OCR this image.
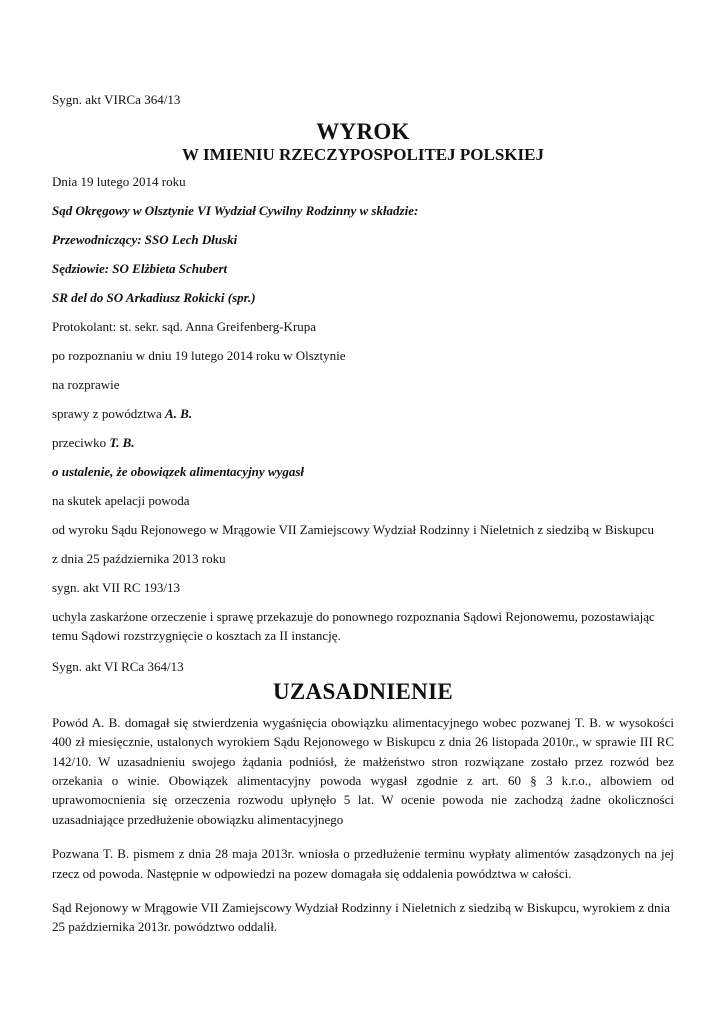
Sygn. akt VIRCa 364/13

WYROK
W IMIENIU RZECZYPOSPOLITEJ POLSKIEJ

Dnia 19 lutego 2014 roku

Sąd Okręgowy w Olsztynie VI Wydział Cywilny Rodzinny w składzie:

Przewodniczący: SSO Lech Dłuski

Sędziowie: SO Elżbieta Schubert

SR del do SO Arkadiusz Rokicki (spr.)

Protokolant: st. sekr. sąd. Anna Greifenberg-Krupa

po rozpoznaniu w dniu 19 lutego 2014 roku w Olsztynie

na rozprawie

sprawy z powództwa A. B.

przeciwko T. B.

o ustalenie, że obowiązek alimentacyjny wygasł

na skutek apelacji powoda

od wyroku Sądu Rejonowego w Mrągowie VII Zamiejscowy Wydział Rodzinny i Nieletnich z siedzibą w Biskupcu

z dnia 25 października 2013 roku

sygn. akt VII RC 193/13

uchyla zaskarżone orzeczenie i sprawę przekazuje do ponownego rozpoznania Sądowi Rejonowemu, pozostawiając temu Sądowi rozstrzygnięcie o kosztach za II instancję.

Sygn. akt VI RCa 364/13

UZASADNIENIE

Powód A. B. domagał się stwierdzenia wygaśnięcia obowiązku alimentacyjnego wobec pozwanej T. B. w wysokości 400 zł miesięcznie, ustalonych wyrokiem Sądu Rejonowego w Biskupcu z dnia 26 listopada 2010r., w sprawie III RC 142/10. W uzasadnieniu swojego żądania podniósł, że małżeństwo stron rozwiązane zostało przez rozwód bez orzekania o winie. Obowiązek alimentacyjny powoda wygasł zgodnie z art. 60 § 3 k.r.o., albowiem od uprawomocnienia się orzeczenia rozwodu upłynęło 5 lat. W ocenie powoda nie zachodzą żadne okoliczności uzasadniające przedłużenie obowiązku alimentacyjnego

Pozwana T. B. pismem z dnia 28 maja 2013r. wniosła o przedłużenie terminu wypłaty alimentów zasądzonych na jej rzecz od powoda. Następnie w odpowiedzi na pozew domagała się oddalenia powództwa w całości.

Sąd Rejonowy w Mrągowie VII Zamiejscowy Wydział Rodzinny i Nieletnich z siedzibą w Biskupcu, wyrokiem z dnia 25 października 2013r. powództwo oddalił.
